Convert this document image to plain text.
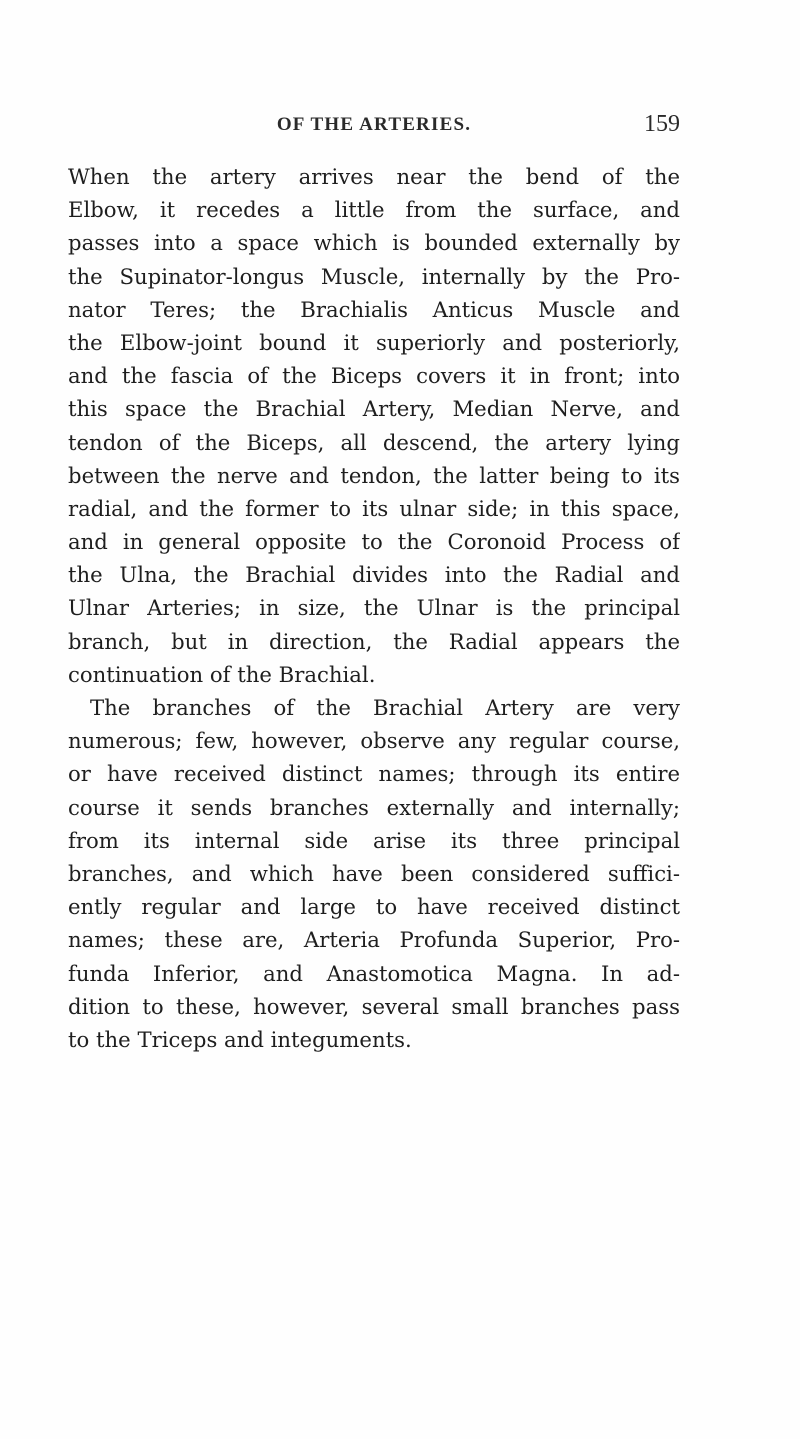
OF THE ARTERIES.	159
When the artery arrives near the bend of the
Elbow, it recedes a little from the surface, and
passes into a space which is bounded externally by
the Supinator-longus Muscle, internally by the Pro-
nator Teres; the Brachialis Anticus Muscle and
the Elbow-joint bound it superiorly and posteriorly,
and the fascia of the Biceps covers it in front; into
this space the Brachial Artery, Median Nerve, and
tendon of the Biceps, all descend, the artery lying
between the nerve and tendon, the latter being to its
radial, and the former to its ulnar side; in this space,
and in general opposite to the Coronoid Process of
the Ulna, the Brachial divides into the Radial and
Ulnar Arteries; in size, the Ulnar is the principal
branch, but in direction, the Radial appears the
continuation of the Brachial.
The branches of the Brachial Artery are very
numerous; few, however, observe any regular course,
or have received distinct names; through its entire
course it sends branches externally and internally;
from its internal side arise its three principal
branches, and which have been considered suffici-
ently regular and large to have received distinct
names; these are, Arteria Profunda Superior, Pro-
funda Inferior, and Anastomotica Magna. In ad-
dition to these, however, several small branches pass
to the Triceps and integuments.
